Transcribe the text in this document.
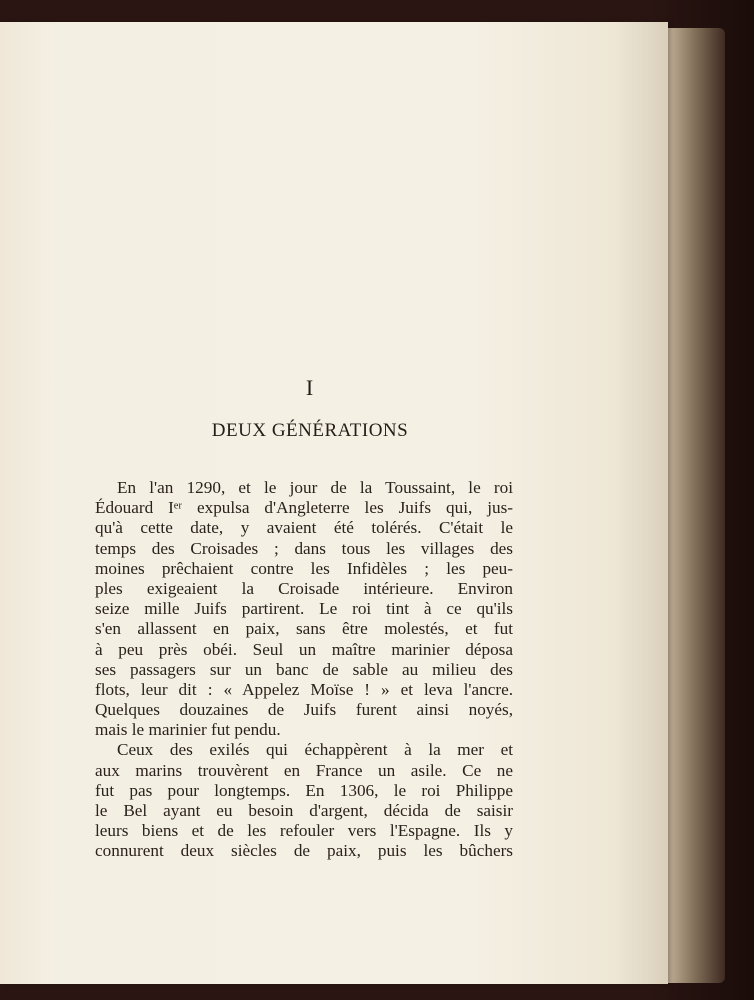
I
DEUX GÉNÉRATIONS
En l'an 1290, et le jour de la Toussaint, le roi
Édouard Iᵉʳ expulsa d'Angleterre les Juifs qui, jus-
qu'à cette date, y avaient été tolérés. C'était le
temps des Croisades ; dans tous les villages des
moines prêchaient contre les Infidèles ; les peu-
ples exigeaient la Croisade intérieure. Environ
seize mille Juifs partirent. Le roi tint à ce qu'ils
s'en allassent en paix, sans être molestés, et fut
à peu près obéi. Seul un maître marinier déposa
ses passagers sur un banc de sable au milieu des
flots, leur dit : « Appelez Moïse ! » et leva l'ancre.
Quelques douzaines de Juifs furent ainsi noyés,
mais le marinier fut pendu.
Ceux des exilés qui échappèrent à la mer et
aux marins trouvèrent en France un asile. Ce ne
fut pas pour longtemps. En 1306, le roi Philippe
le Bel ayant eu besoin d'argent, décida de saisir
leurs biens et de les refouler vers l'Espagne. Ils y
connurent deux siècles de paix, puis les bûchers
